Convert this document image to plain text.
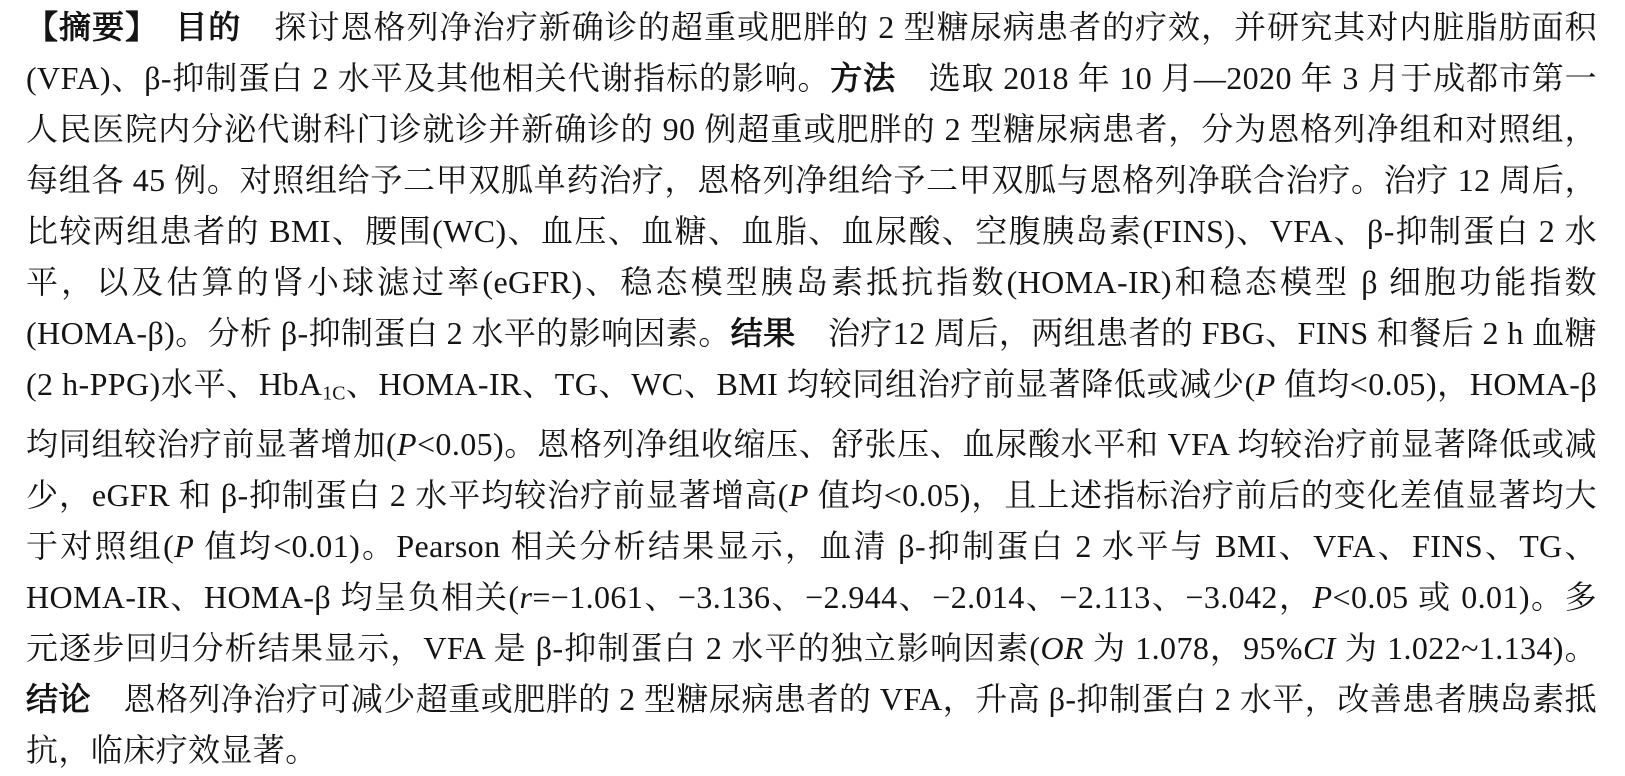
【摘要】　 目的　探讨恩格列净治疗新确诊的超重或肥胖的 2 型糖尿病患者的疗效，并研究其对内脏脂肪面积(VFA)、β-抑制蛋白 2 水平及其他相关代谢指标的影响。方法　选取 2018 年 10 月—2020 年 3 月于成都市第一人民医院内分泌代谢科门诊就诊并新确诊的 90 例超重或肥胖的 2 型糖尿病患者，分为恩格列净组和对照组，每组各 45 例。对照组给予二甲双胍单药治疗，恩格列净组给予二甲双胍与恩格列净联合治疗。治疗 12 周后，比较两组患者的 BMI、腰围(WC)、血压、血糖、血脂、血尿酸、空腹胰岛素(FINS)、VFA、β-抑制蛋白 2 水平，以及估算的肾小球滤过率(eGFR)、稳态模型胰岛素抵抗指数(HOMA-IR)和稳态模型 β 细胞功能指数(HOMA-β)。分析 β-抑制蛋白 2 水平的影响因素。结果　治疗12 周后，两组患者的 FBG、FINS 和餐后 2 h 血糖(2 h-PPG)水平、HbA1C、HOMA-IR、TG、WC、BMI 均较同组治疗前显著降低或减少(P 值均<0.05)，HOMA-β 均同组较治疗前显著增加(P<0.05)。恩格列净组收缩压、舒张压、血尿酸水平和 VFA 均较治疗前显著降低或减少，eGFR 和 β-抑制蛋白 2 水平均较治疗前显著增高(P 值均<0.05)，且上述指标治疗前后的变化差值显著均大于对照组(P 值均<0.01)。Pearson 相关分析结果显示，血清 β-抑制蛋白 2 水平与 BMI、VFA、FINS、TG、HOMA-IR、HOMA-β 均呈负相关(r=−1.061、−3.136、−2.944、−2.014、−2.113、−3.042，P<0.05 或 0.01)。多元逐步回归分析结果显示，VFA 是 β-抑制蛋白 2 水平的独立影响因素(OR 为 1.078，95%CI 为 1.022~1.134)。结论　恩格列净治疗可减少超重或肥胖的 2 型糖尿病患者的 VFA，升高 β-抑制蛋白 2 水平，改善患者胰岛素抵抗，临床疗效显著。
